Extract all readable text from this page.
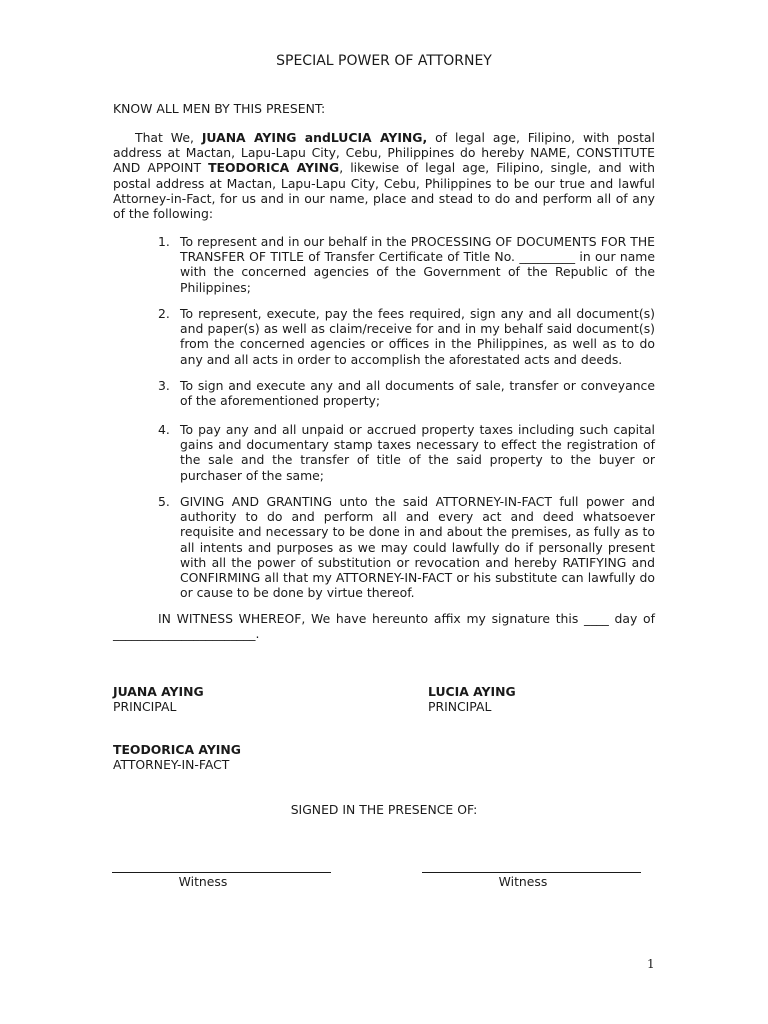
SPECIAL POWER OF ATTORNEY
KNOW ALL MEN BY THIS PRESENT:
That We, JUANA AYING andLUCIA AYING, of legal age, Filipino, with postal address at Mactan, Lapu-Lapu City, Cebu, Philippines do hereby NAME, CONSTITUTE AND APPOINT TEODORICA AYING, likewise of legal age, Filipino, single, and with postal address at Mactan, Lapu-Lapu City, Cebu, Philippines to be our true and lawful Attorney-in-Fact, for us and in our name, place and stead to do and perform all of any of the following:
1. To represent and in our behalf in the PROCESSING OF DOCUMENTS FOR THE TRANSFER OF TITLE of Transfer Certificate of Title No. _________ in our name with the concerned agencies of the Government of the Republic of the Philippines;
2. To represent, execute, pay the fees required, sign any and all document(s) and paper(s) as well as claim/receive for and in my behalf said document(s) from the concerned agencies or offices in the Philippines, as well as to do any and all acts in order to accomplish the aforestated acts and deeds.
3. To sign and execute any and all documents of sale, transfer or conveyance of the aforementioned property;
4. To pay any and all unpaid or accrued property taxes including such capital gains and documentary stamp taxes necessary to effect the registration of the sale and the transfer of title of the said property to the buyer or purchaser of the same;
5. GIVING AND GRANTING unto the said ATTORNEY-IN-FACT full power and authority to do and perform all and every act and deed whatsoever requisite and necessary to be done in and about the premises, as fully as to all intents and purposes as we may could lawfully do if personally present with all the power of substitution or revocation and hereby RATIFYING and CONFIRMING all that my ATTORNEY-IN-FACT or his substitute can lawfully do or cause to be done by virtue thereof.
IN WITNESS WHEREOF, We have hereunto affix my signature this ____ day of _______________________.
JUANA AYING
PRINCIPAL
LUCIA AYING
PRINCIPAL
TEODORICA AYING
ATTORNEY-IN-FACT
SIGNED IN THE PRESENCE OF:
Witness	Witness
1
